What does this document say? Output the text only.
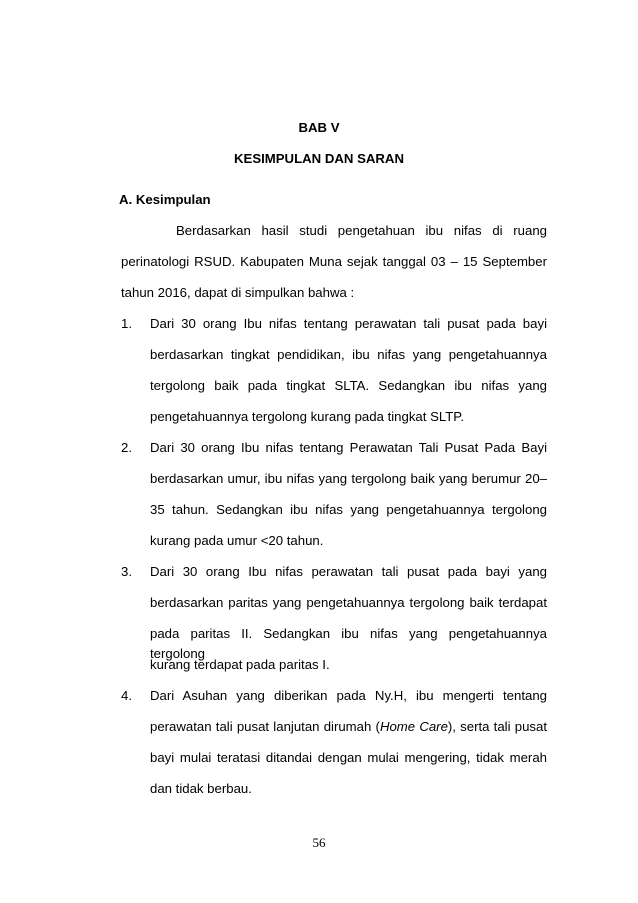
BAB V
KESIMPULAN DAN SARAN
A. Kesimpulan
Berdasarkan hasil studi pengetahuan ibu nifas di ruang
perinatologi RSUD. Kabupaten Muna sejak tanggal 03 – 15 September
tahun 2016, dapat di simpulkan bahwa :
1. Dari 30 orang Ibu nifas tentang perawatan tali pusat pada bayi
berdasarkan tingkat pendidikan, ibu nifas yang pengetahuannya
tergolong baik pada tingkat SLTA. Sedangkan ibu nifas yang
pengetahuannya tergolong kurang pada tingkat SLTP.
2. Dari 30 orang Ibu nifas tentang Perawatan Tali Pusat Pada Bayi
berdasarkan umur, ibu nifas yang tergolong baik yang berumur 20–
35 tahun. Sedangkan ibu nifas yang pengetahuannya tergolong
kurang pada umur <20 tahun.
3. Dari 30 orang Ibu nifas perawatan tali pusat pada bayi yang
berdasarkan paritas yang pengetahuannya tergolong baik terdapat
pada paritas II. Sedangkan ibu nifas yang pengetahuannya tergolong
kurang terdapat pada paritas I.
4. Dari Asuhan yang diberikan pada Ny.H, ibu mengerti tentang
perawatan tali pusat lanjutan dirumah (Home Care), serta tali pusat
bayi mulai teratasi ditandai dengan mulai mengering, tidak merah
dan tidak berbau.
56
